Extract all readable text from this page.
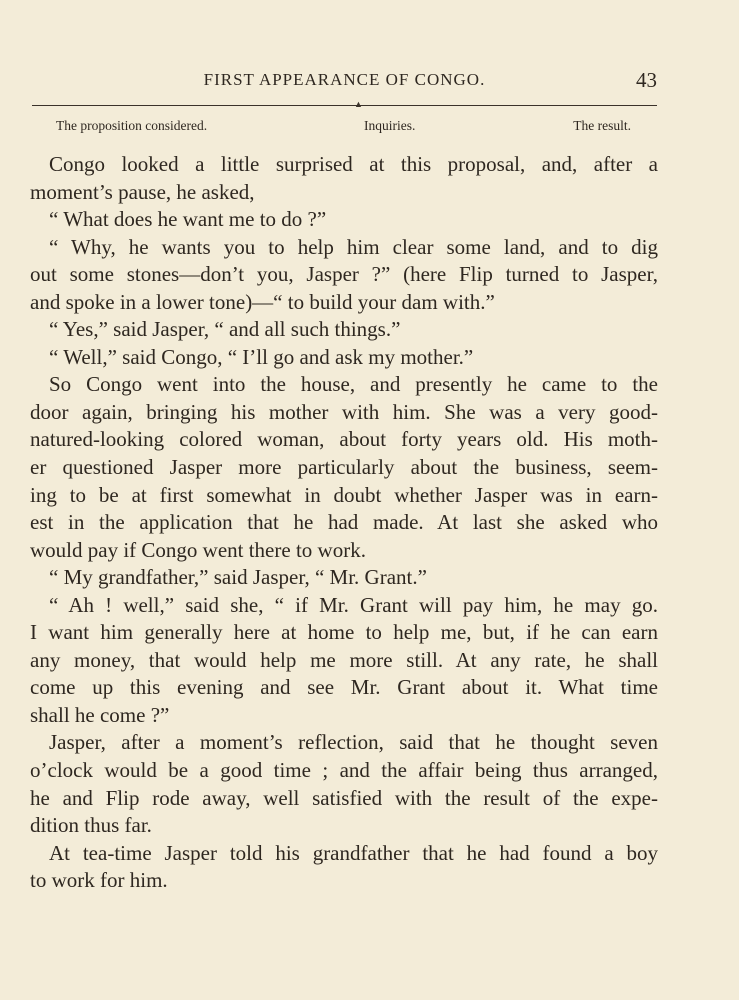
FIRST APPEARANCE OF CONGO.	43
▲
The proposition considered.	Inquiries.	The result.
Congo looked a little surprised at this proposal, and, after a
moment’s pause, he asked,
“ What does he want me to do ?”
“ Why, he wants you to help him clear some land, and to dig
out some stones—don’t you, Jasper ?” (here Flip turned to Jasper,
and spoke in a lower tone)—“ to build your dam with.”
“ Yes,” said Jasper, “ and all such things.”
“ Well,” said Congo, “ I’ll go and ask my mother.”
So Congo went into the house, and presently he came to the
door again, bringing his mother with him. She was a very good-
natured-looking colored woman, about forty years old. His moth-
er questioned Jasper more particularly about the business, seem-
ing to be at first somewhat in doubt whether Jasper was in earn-
est in the application that he had made. At last she asked who
would pay if Congo went there to work.
“ My grandfather,” said Jasper, “ Mr. Grant.”
“ Ah ! well,” said she, “ if Mr. Grant will pay him, he may go.
I want him generally here at home to help me, but, if he can earn
any money, that would help me more still. At any rate, he shall
come up this evening and see Mr. Grant about it. What time
shall he come ?”
Jasper, after a moment’s reflection, said that he thought seven
o’clock would be a good time ; and the affair being thus arranged,
he and Flip rode away, well satisfied with the result of the expe-
dition thus far.
At tea-time Jasper told his grandfather that he had found a boy
to work for him.
